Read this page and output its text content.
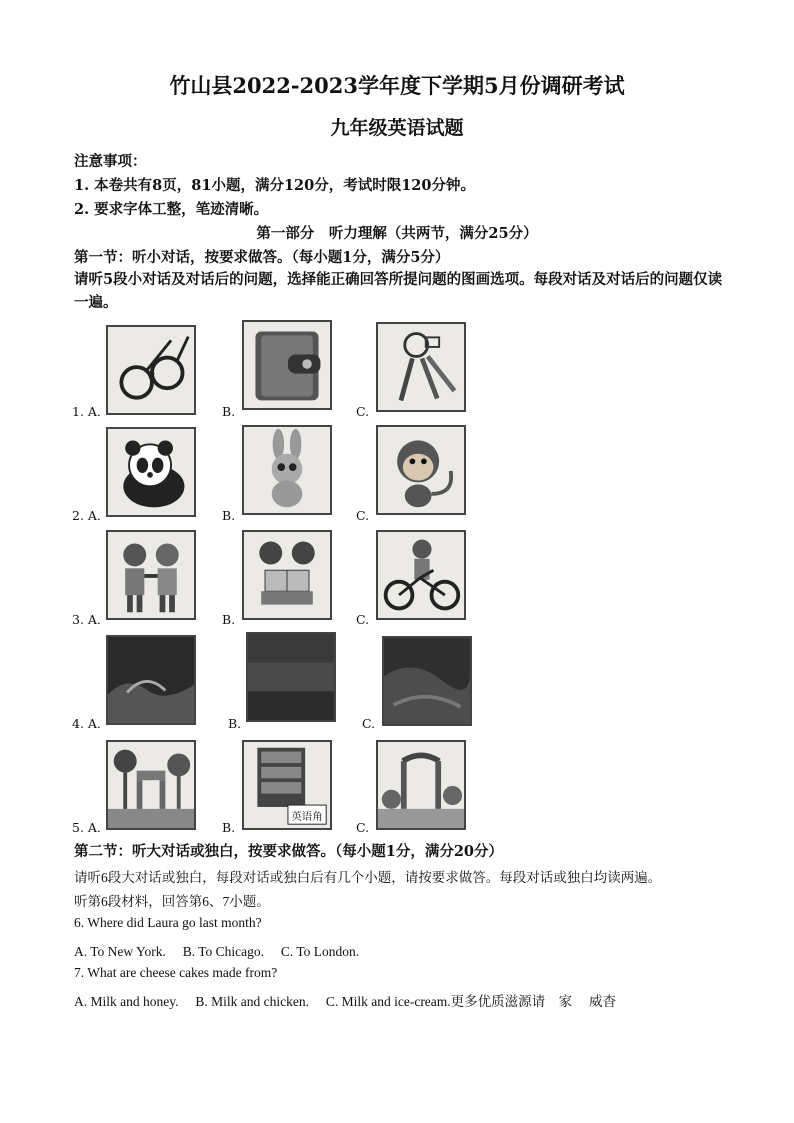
竹山县2022-2023学年度下学期5月份调研考试
九年级英语试题
注意事项：
1. 本卷共有8页，81小题，满分120分，考试时限120分钟。
2. 要求字体工整，笔迹清晰。
第一部分　听力理解（共两节，满分25分）
第一节：听小对话，按要求做答。（每小题1分，满分5分）
请听5段小对话及对话后的问题，选择能正确回答所提问题的图画选项。每段对话及对话后的问题仅读一遍。
1. A.	B.	C.
2. A.	B.	C.
3. A.	B.	C.
4. A.	B.	C.
5. A.	B.
英语角
C.
第二节：听大对话或独白，按要求做答。（每小题1分，满分20分）
请听6段大对话或独白，每段对话或独白后有几个小题，请按要求做答。每段对话或独白均读两遍。
听第6段材料，回答第6、7小题。
6. Where did Laura go last month?
A. To New York.　 B. To Chicago.　 C. To London.
7. What are cheese cakes made from?
A. Milk and honey.　 B. Milk and chicken.　 C. Milk and ice-cream.更多优质滋源请　家　 威杳
